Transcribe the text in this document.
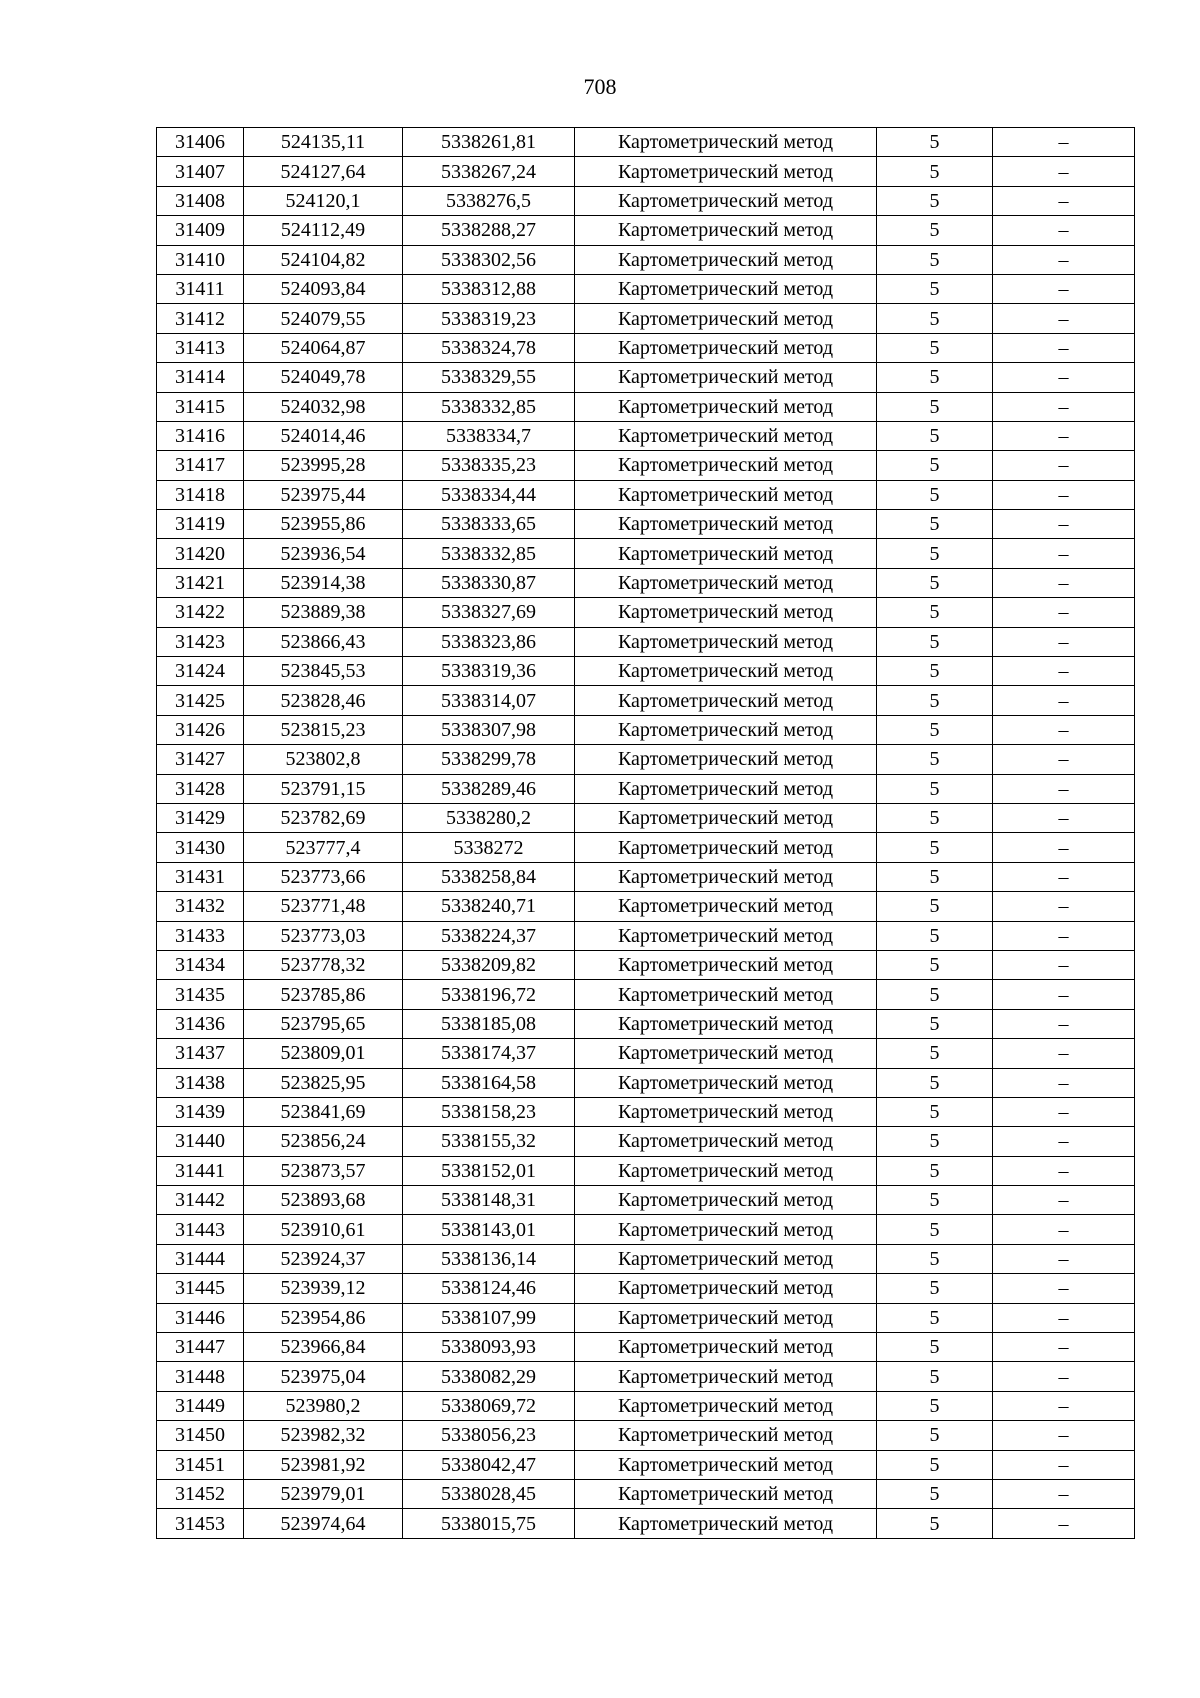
708
31406	524135,11	5338261,81	Картометрический метод	5	–
31407	524127,64	5338267,24	Картометрический метод	5	–
31408	524120,1	5338276,5	Картометрический метод	5	–
31409	524112,49	5338288,27	Картометрический метод	5	–
31410	524104,82	5338302,56	Картометрический метод	5	–
31411	524093,84	5338312,88	Картометрический метод	5	–
31412	524079,55	5338319,23	Картометрический метод	5	–
31413	524064,87	5338324,78	Картометрический метод	5	–
31414	524049,78	5338329,55	Картометрический метод	5	–
31415	524032,98	5338332,85	Картометрический метод	5	–
31416	524014,46	5338334,7	Картометрический метод	5	–
31417	523995,28	5338335,23	Картометрический метод	5	–
31418	523975,44	5338334,44	Картометрический метод	5	–
31419	523955,86	5338333,65	Картометрический метод	5	–
31420	523936,54	5338332,85	Картометрический метод	5	–
31421	523914,38	5338330,87	Картометрический метод	5	–
31422	523889,38	5338327,69	Картометрический метод	5	–
31423	523866,43	5338323,86	Картометрический метод	5	–
31424	523845,53	5338319,36	Картометрический метод	5	–
31425	523828,46	5338314,07	Картометрический метод	5	–
31426	523815,23	5338307,98	Картометрический метод	5	–
31427	523802,8	5338299,78	Картометрический метод	5	–
31428	523791,15	5338289,46	Картометрический метод	5	–
31429	523782,69	5338280,2	Картометрический метод	5	–
31430	523777,4	5338272	Картометрический метод	5	–
31431	523773,66	5338258,84	Картометрический метод	5	–
31432	523771,48	5338240,71	Картометрический метод	5	–
31433	523773,03	5338224,37	Картометрический метод	5	–
31434	523778,32	5338209,82	Картометрический метод	5	–
31435	523785,86	5338196,72	Картометрический метод	5	–
31436	523795,65	5338185,08	Картометрический метод	5	–
31437	523809,01	5338174,37	Картометрический метод	5	–
31438	523825,95	5338164,58	Картометрический метод	5	–
31439	523841,69	5338158,23	Картометрический метод	5	–
31440	523856,24	5338155,32	Картометрический метод	5	–
31441	523873,57	5338152,01	Картометрический метод	5	–
31442	523893,68	5338148,31	Картометрический метод	5	–
31443	523910,61	5338143,01	Картометрический метод	5	–
31444	523924,37	5338136,14	Картометрический метод	5	–
31445	523939,12	5338124,46	Картометрический метод	5	–
31446	523954,86	5338107,99	Картометрический метод	5	–
31447	523966,84	5338093,93	Картометрический метод	5	–
31448	523975,04	5338082,29	Картометрический метод	5	–
31449	523980,2	5338069,72	Картометрический метод	5	–
31450	523982,32	5338056,23	Картометрический метод	5	–
31451	523981,92	5338042,47	Картометрический метод	5	–
31452	523979,01	5338028,45	Картометрический метод	5	–
31453	523974,64	5338015,75	Картометрический метод	5	–
